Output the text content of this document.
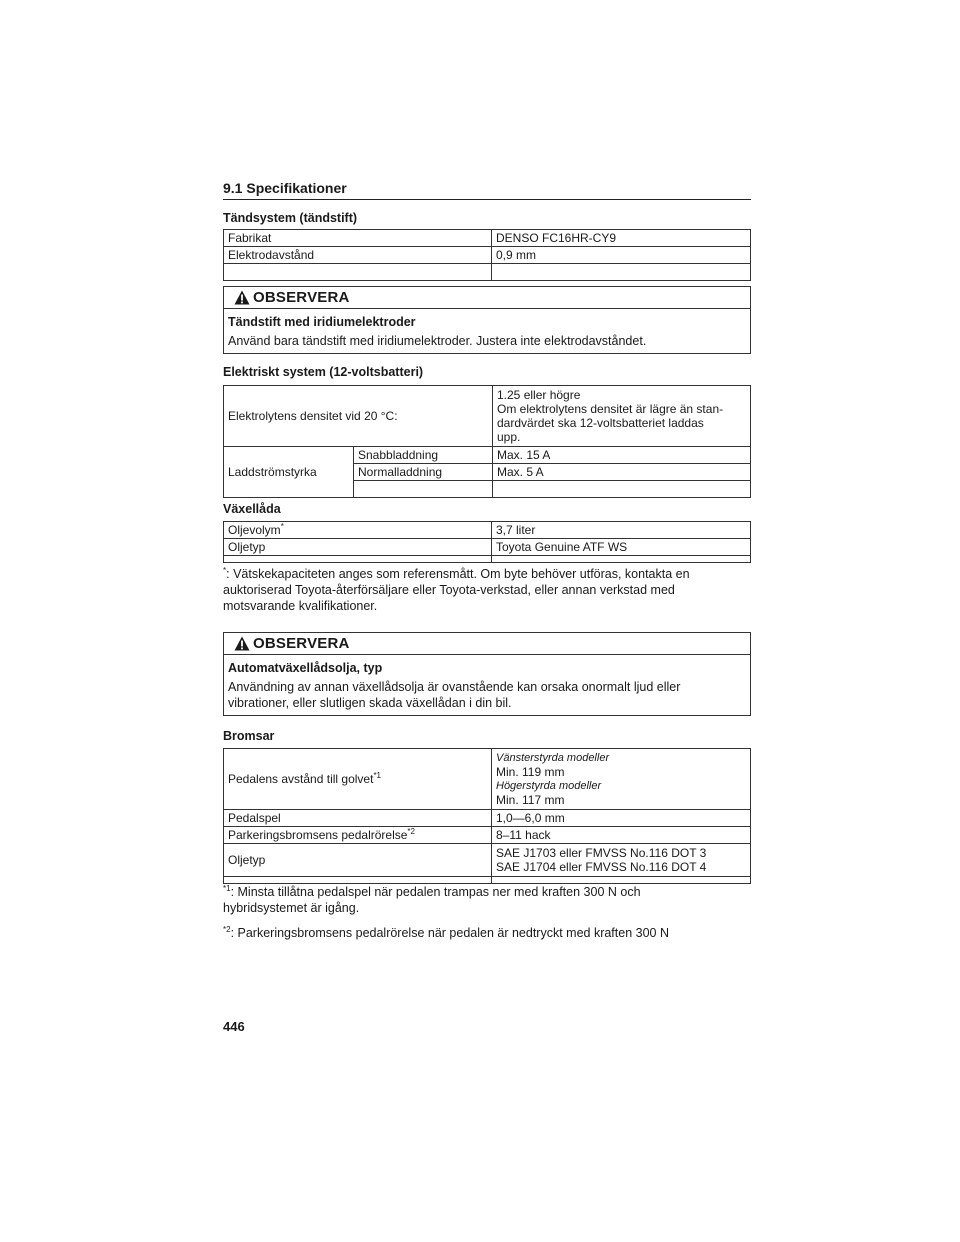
9.1 Specifikationer
Tändsystem (tändstift)
Fabrikat	DENSO FC16HR-CY9
Elektrodavstånd	0,9 mm

OBSERVERA
Tändstift med iridiumelektroder
Använd bara tändstift med iridiumelektroder. Justera inte elektrodavståndet.
Elektriskt system (12-voltsbatteri)
Elektrolytens densitet vid 20 °C:		1.25 eller högre
Om elektrolytens densitet är lägre än stan-
dardvärdet ska 12-voltsbatteriet laddas
upp.

Laddströmstyrka	Snabbladdning	Max. 15 A
	Normalladdning	Max. 5 A

Växellåda
Oljevolym*	3,7 liter
Oljetyp	Toyota Genuine ATF WS

*: Vätskekapaciteten anges som referensmått. Om byte behöver utföras, kontakta en
auktoriserad Toyota-återförsäljare eller Toyota-verkstad, eller annan verkstad med
motsvarande kvalifikationer.
OBSERVERA
Automatväxellådsolja, typ
Användning av annan växellådsolja är ovanstående kan orsaka onormalt ljud eller
vibrationer, eller slutligen skada växellådan i din bil.
Bromsar
Pedalens avstånd till golvet$^{*1}$	Vänsterstyrda modeller
Min. 119 mm
Högerstyrda modeller
Min. 117 mm

Pedalspel	1,0—6,0 mm
Parkeringsbromsens pedalrörelse$^{*2}$	8–11 hack
Oljetyp	SAE J1703 eller FMVSS No.116 DOT 3
SAE J1704 eller FMVSS No.116 DOT 4

$^{*1}$: Minsta tillåtna pedalspel när pedalen trampas ner med kraften 300 N och
hybridsystemet är igång.
$^{*2}$: Parkeringsbromsens pedalrörelse när pedalen är nedtryckt med kraften 300 N
446
